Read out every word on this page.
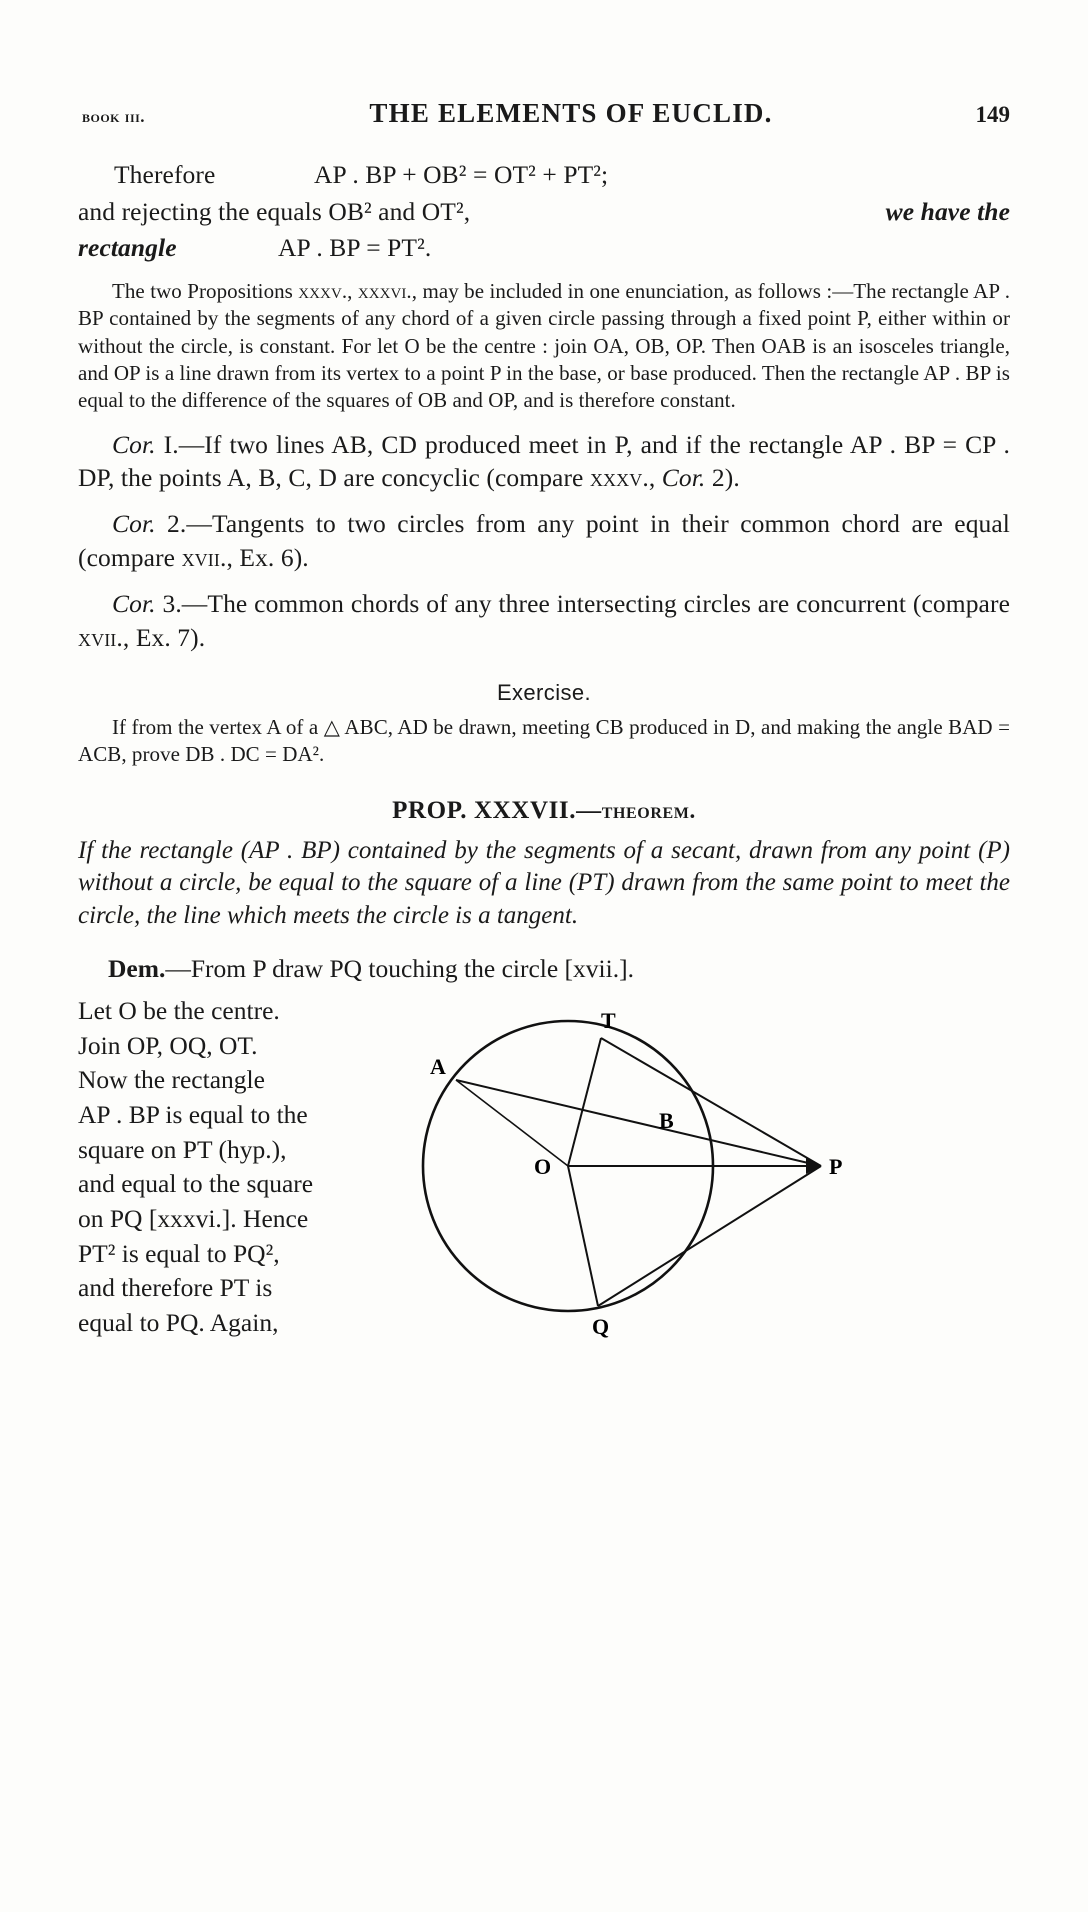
book iii.	THE ELEMENTS OF EUCLID.	149
Therefore	AP . BP + OB² = OT² + PT²;
and rejecting the equals OB² and OT²,	we have the
rectangle	AP . BP = PT².
The two Propositions xxxv., xxxvi., may be included in one enunciation, as follows :—The rectangle AP . BP contained by the segments of any chord of a given circle passing through a fixed point P, either within or without the circle, is constant. For let O be the centre : join OA, OB, OP. Then OAB is an isosceles triangle, and OP is a line drawn from its vertex to a point P in the base, or base produced. Then the rectangle AP . BP is equal to the difference of the squares of OB and OP, and is therefore constant.
Cor. I.—If two lines AB, CD produced meet in P, and if the rectangle AP . BP = CP . DP, the points A, B, C, D are concyclic (compare xxxv., Cor. 2).
Cor. 2.—Tangents to two circles from any point in their common chord are equal (compare xvii., Ex. 6).
Cor. 3.—The common chords of any three intersecting circles are concurrent (compare xvii., Ex. 7).
Exercise.
If from the vertex A of a △ ABC, AD be drawn, meeting CB produced in D, and making the angle BAD = ACB, prove DB . DC = DA².
PROP. XXXVII.—theorem.
If the rectangle (AP . BP) contained by the segments of a secant, drawn from any point (P) without a circle, be equal to the square of a line (PT) drawn from the same point to meet the circle, the line which meets the circle is a tangent.
Dem.—From P draw PQ touching the circle [xvii.].
Let O be the centre.
Join OP, OQ, OT.
Now the rectangle
AP . BP is equal to the
square on PT (hyp.),
and equal to the square
on PQ [xxxvi.]. Hence
PT² is equal to PQ²,
and therefore PT is
equal to PQ. Again,
A
T
B
O	P
Q
